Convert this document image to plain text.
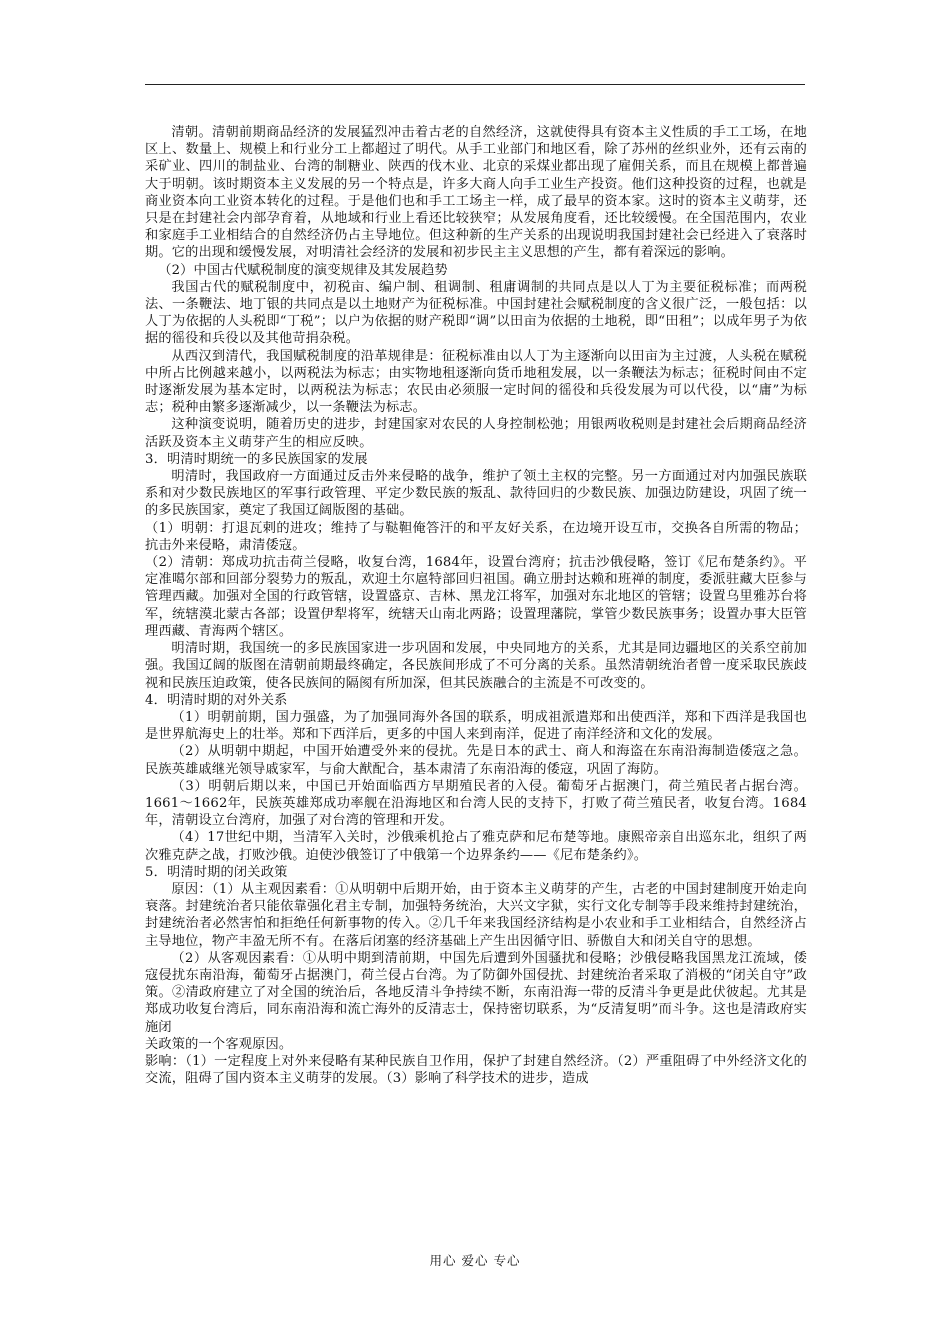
清朝。清朝前期商品经济的发展猛烈冲击着古老的自然经济，这就使得具有资本主义性质的手工工场，在地区上、数量上、规模上和行业分工上都超过了明代。从手工业部门和地区看，除了苏州的丝织业外，还有云南的采矿业、四川的制盐业、台湾的制糖业、陕西的伐木业、北京的采煤业都出现了雇佣关系，而且在规模上都普遍大于明朝。该时期资本主义发展的另一个特点是，许多大商人向手工业生产投资。他们这种投资的过程，也就是商业资本向工业资本转化的过程。于是他们也和手工工场主一样，成了最早的资本家。这时的资本主义萌芽，还只是在封建社会内部孕育着，从地域和行业上看还比较狭窄；从发展角度看，还比较缓慢。在全国范围内，农业和家庭手工业相结合的自然经济仍占主导地位。但这种新的生产关系的出现说明我国封建社会已经进入了衰落时期。它的出现和缓慢发展，对明清社会经济的发展和初步民主主义思想的产生，都有着深远的影响。

（2）中国古代赋税制度的演变规律及其发展趋势

我国古代的赋税制度中，初税亩、编户制、租调制、租庸调制的共同点是以人丁为主要征税标准；而两税法、一条鞭法、地丁银的共同点是以土地财产为征税标准。中国封建社会赋税制度的含义很广泛，一般包括：以人丁为依据的人头税即“丁税”；以户为依据的财产税即“调”以田亩为依据的土地税，即“田租”；以成年男子为依据的徭役和兵役以及其他苛捐杂税。

从西汉到清代，我国赋税制度的沿革规律是：征税标准由以人丁为主逐渐向以田亩为主过渡，人头税在赋税中所占比例越来越小，以两税法为标志；由实物地租逐渐向货币地租发展，以一条鞭法为标志；征税时间由不定时逐渐发展为基本定时，以两税法为标志；农民由必须服一定时间的徭役和兵役发展为可以代役，以“庸”为标志；税种由繁多逐渐减少，以一条鞭法为标志。

这种演变说明，随着历史的进步，封建国家对农民的人身控制松弛；用银两收税则是封建社会后期商品经济活跃及资本主义萌芽产生的相应反映。

3．明清时期统一的多民族国家的发展

明清时，我国政府一方面通过反击外来侵略的战争，维护了领土主权的完整。另一方面通过对内加强民族联系和对少数民族地区的军事行政管理、平定少数民族的叛乱、款待回归的少数民族、加强边防建设，巩固了统一的多民族国家，奠定了我国辽阔版图的基础。

（1）明朝：打退瓦剌的进攻；维持了与鞑靼俺答汗的和平友好关系，在边境开设互市，交换各自所需的物品；抗击外来侵略，肃清倭寇。

（2）清朝：郑成功抗击荷兰侵略，收复台湾，1684年，设置台湾府；抗击沙俄侵略，签订《尼布楚条约》。平定准噶尔部和回部分裂势力的叛乱，欢迎土尔扈特部回归祖国。确立册封达赖和班禅的制度，委派驻藏大臣参与管理西藏。加强对全国的行政管辖，设置盛京、吉林、黑龙江将军，加强对东北地区的管辖；设置乌里雅苏台将军，统辖漠北蒙古各部；设置伊犁将军，统辖天山南北两路；设置理藩院，掌管少数民族事务；设置办事大臣管理西藏、青海两个辖区。

明清时期，我国统一的多民族国家进一步巩固和发展，中央同地方的关系，尤其是同边疆地区的关系空前加强。我国辽阔的版图在清朝前期最终确定，各民族间形成了不可分离的关系。虽然清朝统治者曾一度采取民族歧视和民族压迫政策，使各民族间的隔阂有所加深，但其民族融合的主流是不可改变的。

4．明清时期的对外关系

（1）明朝前期，国力强盛，为了加强同海外各国的联系，明成祖派遣郑和出使西洋，郑和下西洋是我国也是世界航海史上的壮举。郑和下西洋后，更多的中国人来到南洋，促进了南洋经济和文化的发展。

（2）从明朝中期起，中国开始遭受外来的侵扰。先是日本的武士、商人和海盗在东南沿海制造倭寇之急。民族英雄戚继光领导戚家军，与俞大猷配合，基本肃清了东南沿海的倭寇，巩固了海防。

（3）明朝后期以来，中国已开始面临西方早期殖民者的入侵。葡萄牙占据澳门，荷兰殖民者占据台湾。1661～1662年，民族英雄郑成功率舰在沿海地区和台湾人民的支持下，打败了荷兰殖民者，收复台湾。1684年，清朝设立台湾府，加强了对台湾的管理和开发。

（4）17世纪中期，当清军入关时，沙俄乘机抢占了雅克萨和尼布楚等地。康熙帝亲自出巡东北，组织了两次雅克萨之战，打败沙俄。迫使沙俄签订了中俄第一个边界条约——《尼布楚条约》。

5．明清时期的闭关政策

原因：（1）从主观因素看：①从明朝中后期开始，由于资本主义萌芽的产生，古老的中国封建制度开始走向衰落。封建统治者只能依靠强化君主专制，加强特务统治，大兴文字狱，实行文化专制等手段来维持封建统治，封建统治者必然害怕和拒绝任何新事物的传入。②几千年来我国经济结构是小农业和手工业相结合，自然经济占主导地位，物产丰盈无所不有。在落后闭塞的经济基础上产生出因循守旧、骄傲自大和闭关自守的思想。

（2）从客观因素看：①从明中期到清前期，中国先后遭到外国骚扰和侵略；沙俄侵略我国黑龙江流域，倭寇侵扰东南沿海，葡萄牙占据澳门，荷兰侵占台湾。为了防御外国侵扰、封建统治者采取了消极的“闭关自守”政策。②清政府建立了对全国的统治后，各地反清斗争持续不断，东南沿海一带的反清斗争更是此伏彼起。尤其是郑成功收复台湾后，同东南沿海和流亡海外的反清志士，保持密切联系，为“反清复明”而斗争。这也是清政府实施闭

关政策的一个客观原因。

影响：（1）一定程度上对外来侵略有某种民族自卫作用，保护了封建自然经济。（2）严重阻碍了中外经济文化的交流，阻碍了国内资本主义萌芽的发展。（3）影响了科学技术的进步，造成

用心 爱心 专心
